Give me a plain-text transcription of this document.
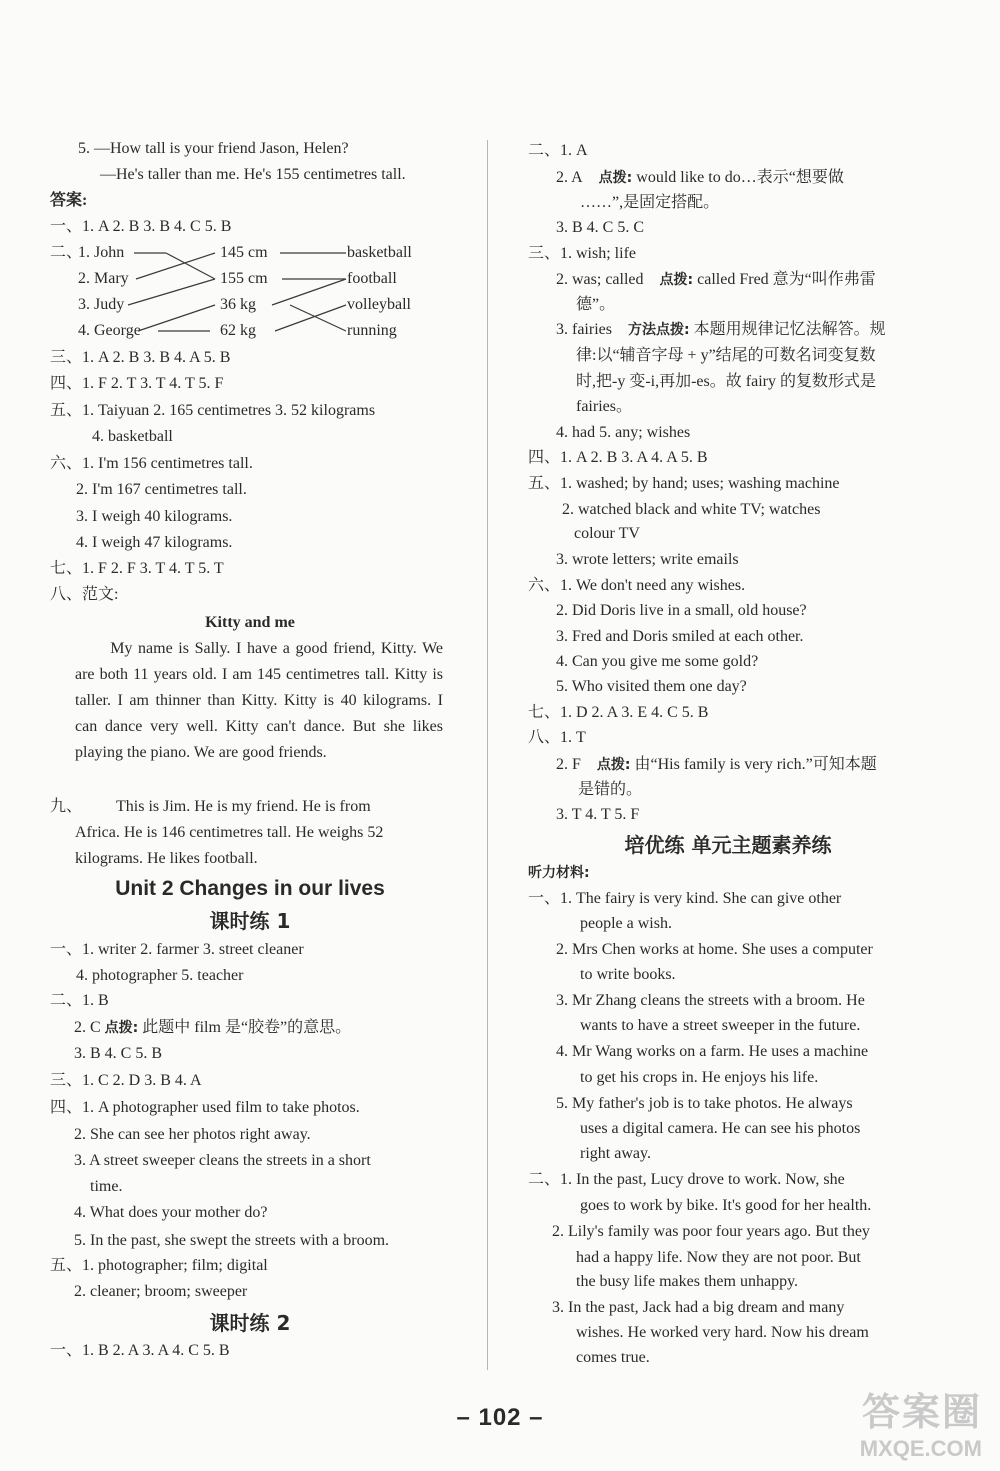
5. —How tall is your friend Jason, Helen?
—He's taller than me. He's 155 centimetres tall.
答案:
一、1. A 2. B 3. B 4. C 5. B
二、
1. John
2. Mary
3. Judy
4. George
145 cm
155 cm
36 kg
62 kg
basketball
football
volleyball
running
三、1. A 2. B 3. B 4. A 5. B
四、1. F 2. T 3. T 4. T 5. F
五、1. Taiyuan 2. 165 centimetres 3. 52 kilograms
4. basketball
六、1. I'm 156 centimetres tall.
2. I'm 167 centimetres tall.
3. I weigh 40 kilograms.
4. I weigh 47 kilograms.
七、1. F 2. F 3. T 4. T 5. T
八、范文:
Kitty and me

My name is Sally. I have a good friend, Kitty. We are both 11 years old. I am 145 centimetres tall. Kitty is taller. I am thinner than Kitty. Kitty is 40 kilograms. I can dance very well. Kitty can't dance. But she likes playing the piano. We are good friends.

九、 This is Jim. He is my friend. He is from
Africa. He is 146 centimetres tall. He weighs 52
kilograms. He likes football.
Unit 2 Changes in our lives
课时练 1
一、1. writer 2. farmer 3. street cleaner
4. photographer 5. teacher
二、1. B
2. C 点拨: 此题中 film 是“胶卷”的意思。
3. B 4. C 5. B
三、1. C 2. D 3. B 4. A
四、1. A photographer used film to take photos.
2. She can see her photos right away.
3. A street sweeper cleans the streets in a short
time.
4. What does your mother do?
5. In the past, she swept the streets with a broom.
五、1. photographer; film; digital
2. cleaner; broom; sweeper
课时练 2
一、1. B 2. A 3. A 4. C 5. B
二、1. A
2. A 点拨: would like to do…表示“想要做
……”,是固定搭配。
3. B 4. C 5. C
三、1. wish; life
2. was; called 点拨: called Fred 意为“叫作弗雷
德”。
3. fairies 方法点拨: 本题用规律记忆法解答。规
律:以“辅音字母 + y”结尾的可数名词变复数
时,把-y 变-i,再加-es。故 fairy 的复数形式是
fairies。
4. had 5. any; wishes
四、1. A 2. B 3. A 4. A 5. B
五、1. washed; by hand; uses; washing machine
2. watched black and white TV; watches
colour TV
3. wrote letters; write emails
六、1. We don't need any wishes.
2. Did Doris live in a small, old house?
3. Fred and Doris smiled at each other.
4. Can you give me some gold?
5. Who visited them one day?
七、1. D 2. A 3. E 4. C 5. B
八、1. T
2. F 点拨: 由“His family is very rich.”可知本题
是错的。
3. T 4. T 5. F
培优练 单元主题素养练
听力材料:
一、1. The fairy is very kind. She can give other
people a wish.
2. Mrs Chen works at home. She uses a computer
to write books.
3. Mr Zhang cleans the streets with a broom. He
wants to have a street sweeper in the future.
4. Mr Wang works on a farm. He uses a machine
to get his crops in. He enjoys his life.
5. My father's job is to take photos. He always
uses a digital camera. He can see his photos
right away.
二、1. In the past, Lucy drove to work. Now, she
goes to work by bike. It's good for her health.
2. Lily's family was poor four years ago. But they
had a happy life. Now they are not poor. But
the busy life makes them unhappy.
3. In the past, Jack had a big dream and many
wishes. He worked very hard. Now his dream
comes true.
– 102 –	答案圈
MXQE.COM
